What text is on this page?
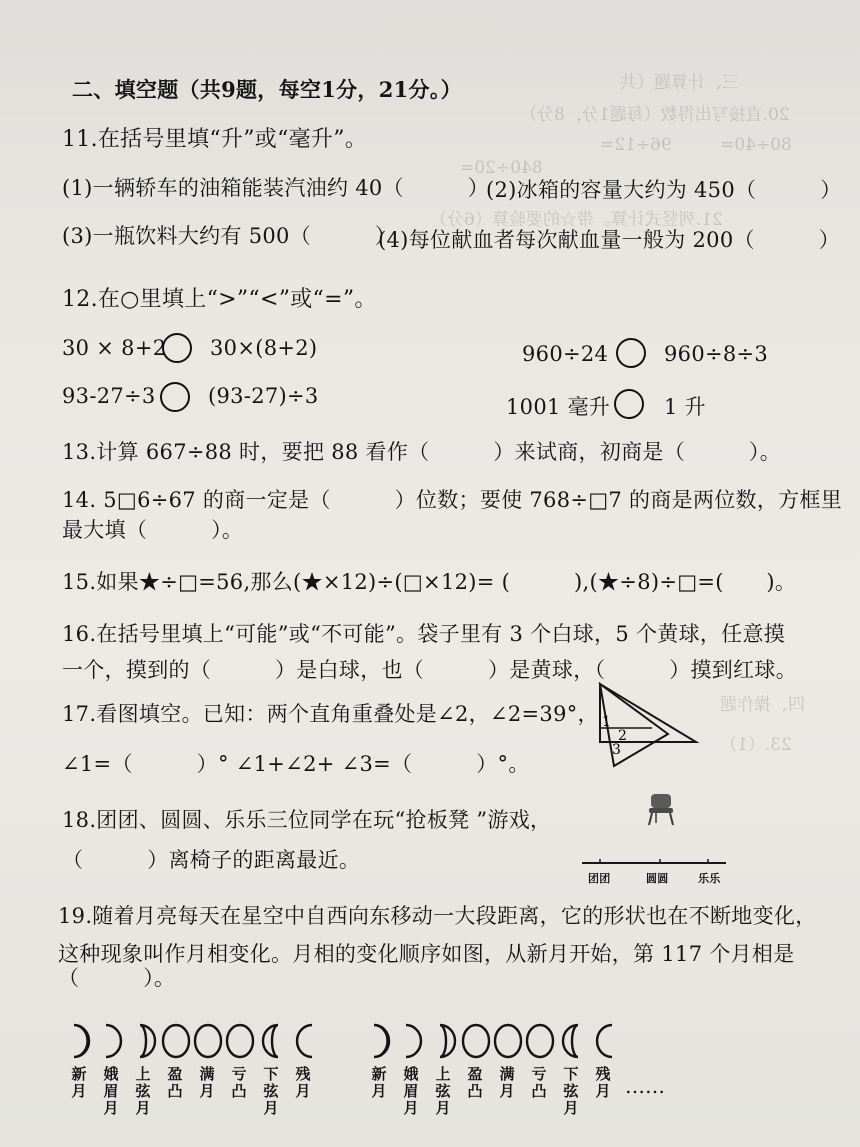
三、计算题（共
20.直接写出得数（每题1分，8分）
80÷40=
96÷12=
840÷20=
21.列竖式计算。带☆的要验算（6分）
四、操作题
23.（1）
二、填空题（共9题，每空1分，21分。）
11.在括号里填“升”或“毫升”。
(1)一辆轿车的油箱能装汽油约 40（　　　）
(2)冰箱的容量大约为 450（　　　）
(3)一瓶饮料大约有 500（　　　）
(4)每位献血者每次献血量一般为 200（　　　）
12.在○里填上“>”“<”或“=”。
30 × 8+2 30×(8+2)	960÷24	960÷8÷3
93-27÷3 (93-27)÷3	1001 毫升	1 升
13.计算 667÷88 时，要把 88 看作（　　　）来试商，初商是（　　　）。
14. 5□6÷67 的商一定是（　　　）位数；要使 768÷□7 的商是两位数，方框里
最大填（　　　）。
15.如果★÷□=56,那么(★×12)÷(□×12)= (　　　),(★÷8)÷□=(　　)。
16.在括号里填上“可能”或“不可能”。袋子里有 3 个白球，5 个黄球，任意摸
一个，摸到的（　　　）是白球，也（　　　）是黄球，（　　　）摸到红球。
17.看图填空。已知：两个直角重叠处是∠2，∠2=39°，
∠1=（　　　）° ∠1+∠2+ ∠3=（　　　）°。
1
2
3
18.团团、圆圆、乐乐三位同学在玩“抢板凳 ”游戏，
（　　　）离椅子的距离最近。
团团	圆圆	乐乐
19.随着月亮每天在星空中自西向东移动一大段距离，它的形状也在不断地变化，
这种现象叫作月相变化。月相的变化顺序如图，从新月开始，第 117 个月相是
（　　　）。
新月
娥眉月
上弦月
盈凸
满月
亏凸
下弦月
残月
新月
娥眉月
上弦月
盈凸
满月
亏凸
下弦月
残月 ……
